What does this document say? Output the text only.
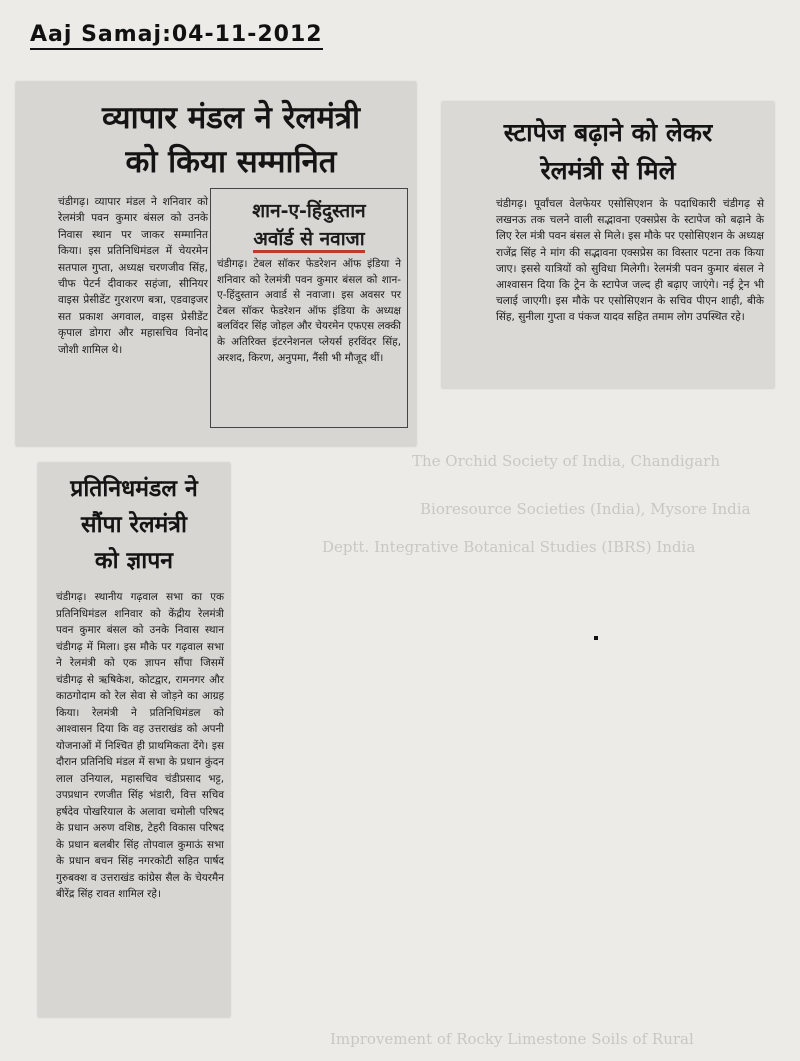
Aaj Samaj:04-11-2012
The Orchid Society of India, Chandigarh
Bioresource Societies (India), Mysore India
Deptt. Integrative Botanical Studies (IBRS) India
Improvement of Rocky Limestone Soils of Rural
व्यापार मंडल ने रेलमंत्री
को किया सम्मानित

चंडीगढ़। व्यापार मंडल ने शनिवार को रेलमंत्री पवन कुमार बंसल को उनके निवास स्थान पर जाकर सम्मानित किया। इस प्रतिनिधिमंडल में चेयरमेन सतपाल गुप्ता, अध्यक्ष चरणजीव सिंह, चीफ पेटर्न दीवाकर सहंजा, सीनियर वाइस प्रेसीडेंट गुरशरण बत्रा, एडवाइजर सत प्रकाश अगवाल, वाइस प्रेसीडेंट कृपाल डोगरा और महासचिव विनोद जोशी शामिल थे।

शान-ए-हिंदुस्तान
अवॉर्ड से नवाजा

चंडीगढ़। टेबल सॉकर फेडरेशन ऑफ इंडिया ने शनिवार को रेलमंत्री पवन कुमार बंसल को शान-ए-हिंदुस्तान अवार्ड से नवाजा। इस अवसर पर टेबल सॉकर फेडरेशन ऑफ इंडिया के अध्यक्ष बलविंदर सिंह जोहल और चेयरमेन एफएस लक्की के अतिरिक्त इंटरनेशनल प्लेयर्स हरविंदर सिंह, अरशद, किरण, अनुपमा, नैंसी भी मौजूद थीं।

स्टापेज बढ़ाने को लेकर
रेलमंत्री से मिले

चंडीगढ़। पूर्वांचल वेलफेयर एसोसिएशन के पदाधिकारी चंडीगढ़ से लखनऊ तक चलने वाली सद्भावना एक्सप्रेस के स्टापेज को बढ़ाने के लिए रेल मंत्री पवन बंसल से मिले। इस मौके पर एसोसिएशन के अध्यक्ष राजेंद्र सिंह ने मांग की सद्भावना एक्सप्रेस का विस्तार पटना तक किया जाए। इससे यात्रियों को सुविधा मिलेगी। रेलमंत्री पवन कुमार बंसल ने आश्वासन दिया कि ट्रेन के स्टापेज जल्द ही बढ़ाए जाएंगे। नई ट्रेन भी चलाई जाएगी। इस मौके पर एसोसिएशन के सचिव पीएन शाही, बीके सिंह, सुनीला गुप्ता व पंकज यादव सहित तमाम लोग उपस्थित रहे।

प्रतिनिधमंडल ने
सौंपा रेलमंत्री
को ज्ञापन

चंडीगढ़। स्थानीय गढ़वाल सभा का एक प्रतिनिधिमंडल शनिवार को केंद्रीय रेलमंत्री पवन कुमार बंसल को उनके निवास स्थान चंडीगढ़ में मिला। इस मौके पर गढ़वाल सभा ने रेलमंत्री को एक ज्ञापन सौंपा जिसमें चंडीगढ़ से ऋषिकेश, कोटद्वार, रामनगर और काठगोदाम को रेल सेवा से जोड़ने का आग्रह किया। रेलमंत्री ने प्रतिनिधिमंडल को आश्वासन दिया कि वह उत्तराखंड को अपनी योजनाओं में निश्चित ही प्राथमिकता देंगे। इस दौरान प्रतिनिधि मंडल में सभा के प्रधान कुंदन लाल उनियाल, महासचिव चंडीप्रसाद भट्ट, उपप्रधान रणजीत सिंह भंडारी, वित्त सचिव हर्षदेव पोखरियाल के अलावा चमोली परिषद के प्रधान अरुण वशिष्ठ, टेहरी विकास परिषद के प्रधान बलबीर सिंह तोपवाल कुमाऊं सभा के प्रधान बचन सिंह नगरकोटी सहित पार्षद गुरुबक्श व उत्तराखंड कांग्रेस सैल के चेयरमैन बीरेंद्र सिंह रावत शामिल रहे।
